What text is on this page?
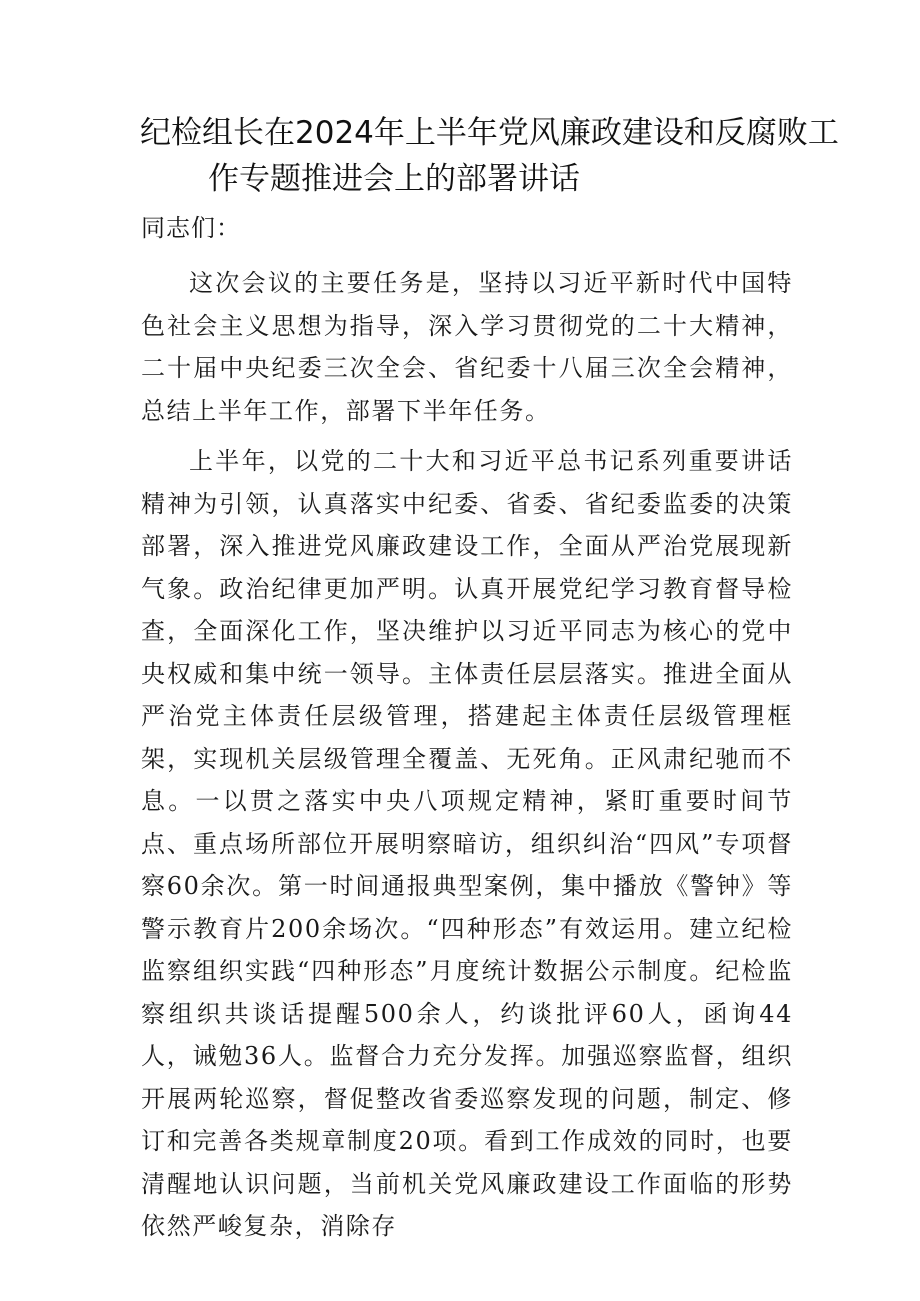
纪检组长在2024年上半年党风廉政建设和反腐败工
作专题推进会上的部署讲话

同志们：

这次会议的主要任务是，坚持以习近平新时代中国特色社会主义思想为指导，深入学习贯彻党的二十大精神，二十届中央纪委三次全会、省纪委十八届三次全会精神，总结上半年工作，部署下半年任务。

上半年，以党的二十大和习近平总书记系列重要讲话精神为引领，认真落实中纪委、省委、省纪委监委的决策部署，深入推进党风廉政建设工作，全面从严治党展现新气象。政治纪律更加严明。认真开展党纪学习教育督导检查，全面深化工作，坚决维护以习近平同志为核心的党中央权威和集中统一领导。主体责任层层落实。推进全面从严治党主体责任层级管理，搭建起主体责任层级管理框架，实现机关层级管理全覆盖、无死角。正风肃纪驰而不息。一以贯之落实中央八项规定精神，紧盯重要时间节点、重点场所部位开展明察暗访，组织纠治“四风”专项督察60余次。第一时间通报典型案例，集中播放《警钟》等警示教育片200余场次。“四种形态”有效运用。建立纪检监察组织实践“四种形态”月度统计数据公示制度。纪检监察组织共谈话提醒500余人，约谈批评60人，函询44人，诫勉36人。监督合力充分发挥。加强巡察监督，组织开展两轮巡察，督促整改省委巡察发现的问题，制定、修订和完善各类规章制度20项。看到工作成效的同时，也要清醒地认识问题，当前机关党风廉政建设工作面临的形势依然严峻复杂，消除存
